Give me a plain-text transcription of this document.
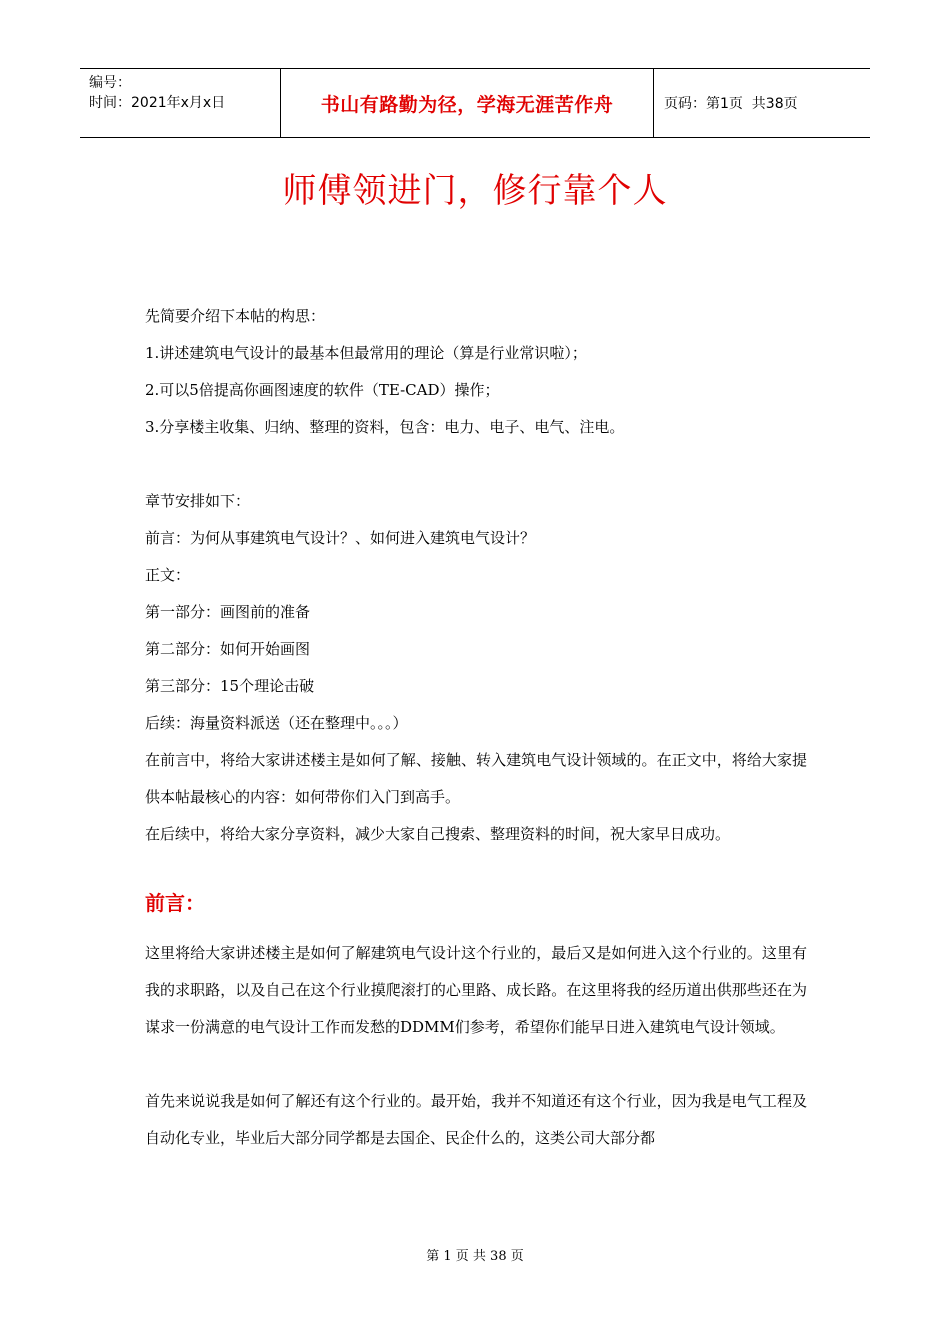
编号：
时间：2021年x月x日	书山有路勤为径，学海无涯苦作舟	页码：第1页  共38页
师傅领进门，修行靠个人

先简要介绍下本帖的构思：

1.讲述建筑电气设计的最基本但最常用的理论（算是行业常识啦）；

2.可以5倍提高你画图速度的软件（TE-CAD）操作；

3.分享楼主收集、归纳、整理的资料，包含：电力、电子、电气、注电。

章节安排如下：

前言：为何从事建筑电气设计？、如何进入建筑电气设计？

正文：

第一部分：画图前的准备

第二部分：如何开始画图

第三部分：15个理论击破

后续：海量资料派送（还在整理中。。。）

在前言中，将给大家讲述楼主是如何了解、接触、转入建筑电气设计领域的。在正文中，将给大家提供本帖最核心的内容：如何带你们入门到高手。

在后续中，将给大家分享资料，减少大家自己搜索、整理资料的时间，祝大家早日成功。

前言：

这里将给大家讲述楼主是如何了解建筑电气设计这个行业的，最后又是如何进入这个行业的。这里有我的求职路，以及自己在这个行业摸爬滚打的心里路、成长路。在这里将我的经历道出供那些还在为谋求一份满意的电气设计工作而发愁的DDMM们参考，希望你们能早日进入建筑电气设计领域。

首先来说说我是如何了解还有这个行业的。最开始，我并不知道还有这个行业，因为我是电气工程及自动化专业，毕业后大部分同学都是去国企、民企什么的，这类公司大部分都

第 1 页 共 38 页
